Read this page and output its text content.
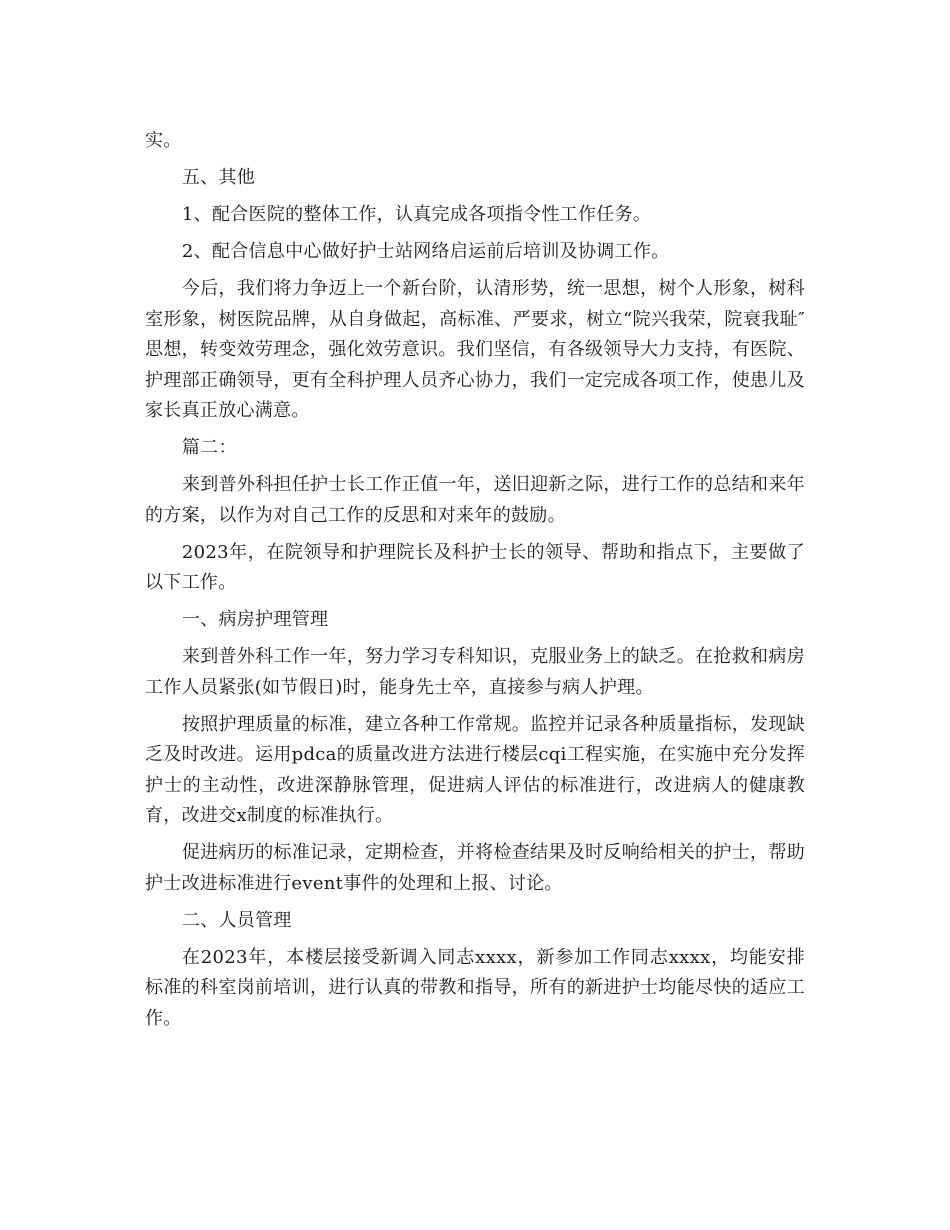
实。

五、其他

1、配合医院的整体工作，认真完成各项指令性工作任务。

2、配合信息中心做好护士站网络启运前后培训及协调工作。

今后，我们将力争迈上一个新台阶，认清形势，统一思想，树个人形象，树科室形象，树医院品牌，从自身做起，高标准、严要求，树立“院兴我荣，院衰我耻″思想，转变效劳理念，强化效劳意识。我们坚信，有各级领导大力支持，有医院、护理部正确领导，更有全科护理人员齐心协力，我们一定完成各项工作，使患儿及家长真正放心满意。

篇二：

来到普外科担任护士长工作正值一年，送旧迎新之际，进行工作的总结和来年的方案，以作为对自己工作的反思和对来年的鼓励。

2023年，在院领导和护理院长及科护士长的领导、帮助和指点下，主要做了以下工作。

一、病房护理管理

来到普外科工作一年，努力学习专科知识，克服业务上的缺乏。在抢救和病房工作人员紧张(如节假日)时，能身先士卒，直接参与病人护理。

按照护理质量的标准，建立各种工作常规。监控并记录各种质量指标，发现缺乏及时改进。运用pdca的质量改进方法进行楼层cqi工程实施，在实施中充分发挥护士的主动性，改进深静脉管理，促进病人评估的标准进行，改进病人的健康教育，改进交x制度的标准执行。

促进病历的标准记录，定期检查，并将检查结果及时反响给相关的护士，帮助护士改进标准进行event事件的处理和上报、讨论。

二、人员管理

在2023年，本楼层接受新调入同志xxxx，新参加工作同志xxxx，均能安排标准的科室岗前培训，进行认真的带教和指导，所有的新进护士均能尽快的适应工作。
